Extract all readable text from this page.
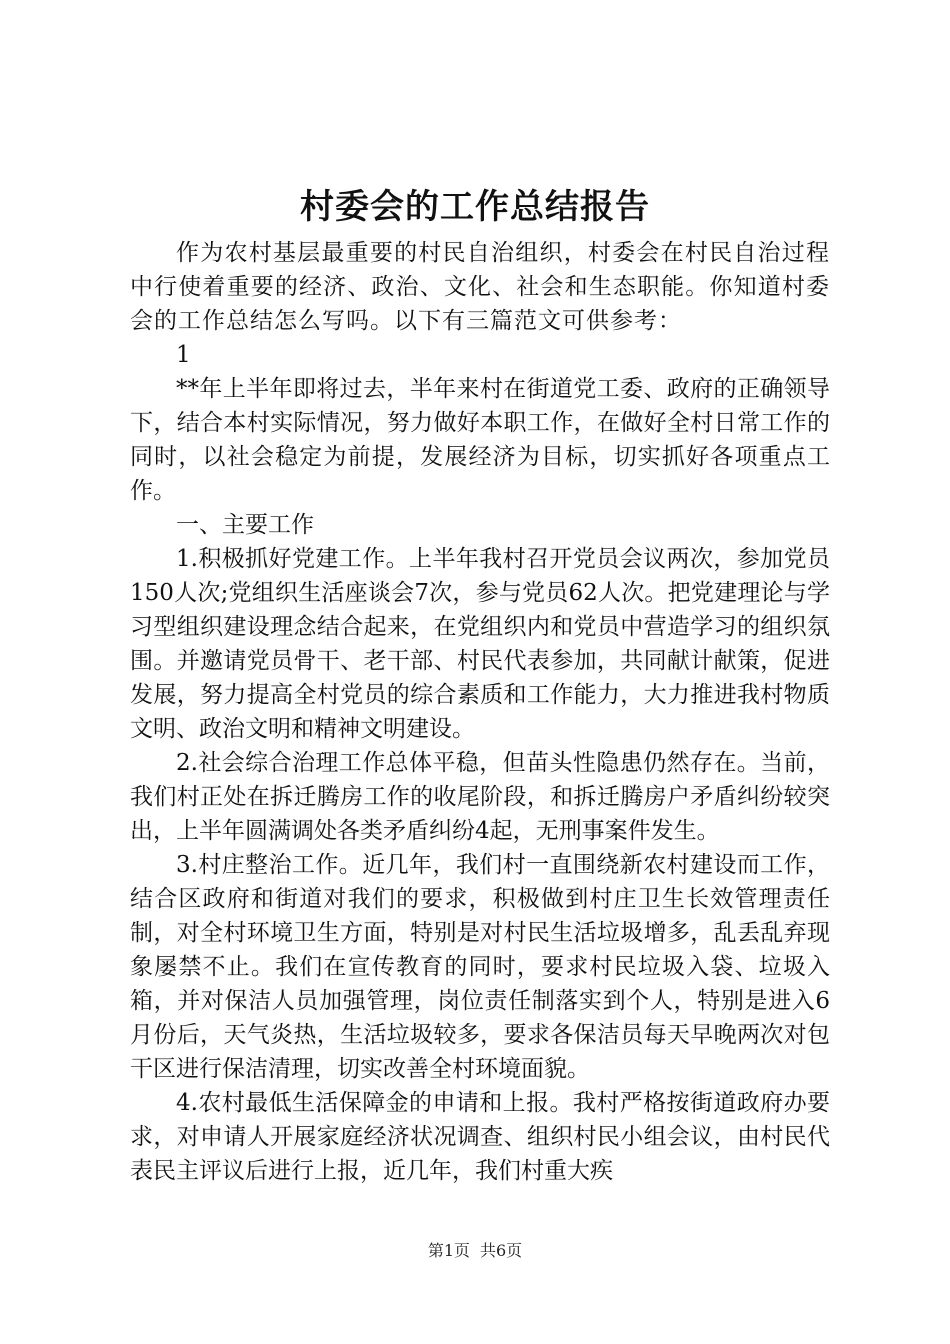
村委会的工作总结报告

作为农村基层最重要的村民自治组织，村委会在村民自治过程中行使着重要的经济、政治、文化、社会和生态职能。你知道村委会的工作总结怎么写吗。以下有三篇范文可供参考：

1

**年上半年即将过去，半年来村在街道党工委、政府的正确领导下，结合本村实际情况，努力做好本职工作，在做好全村日常工作的同时，以社会稳定为前提，发展经济为目标，切实抓好各项重点工作。

一、主要工作

1.积极抓好党建工作。上半年我村召开党员会议两次，参加党员150人次;党组织生活座谈会7次，参与党员62人次。把党建理论与学习型组织建设理念结合起来，在党组织内和党员中营造学习的组织氛围。并邀请党员骨干、老干部、村民代表参加，共同献计献策，促进发展，努力提高全村党员的综合素质和工作能力，大力推进我村物质文明、政治文明和精神文明建设。

2.社会综合治理工作总体平稳，但苗头性隐患仍然存在。当前，我们村正处在拆迁腾房工作的收尾阶段，和拆迁腾房户矛盾纠纷较突出，上半年圆满调处各类矛盾纠纷4起，无刑事案件发生。

3.村庄整治工作。近几年，我们村一直围绕新农村建设而工作，结合区政府和街道对我们的要求，积极做到村庄卫生长效管理责任制，对全村环境卫生方面，特别是对村民生活垃圾增多，乱丢乱弃现象屡禁不止。我们在宣传教育的同时，要求村民垃圾入袋、垃圾入箱，并对保洁人员加强管理，岗位责任制落实到个人，特别是进入6月份后，天气炎热，生活垃圾较多，要求各保洁员每天早晚两次对包干区进行保洁清理，切实改善全村环境面貌。

4.农村最低生活保障金的申请和上报。我村严格按街道政府办要求，对申请人开展家庭经济状况调查、组织村民小组会议，由村民代表民主评议后进行上报，近几年，我们村重大疾

第1页 共6页
